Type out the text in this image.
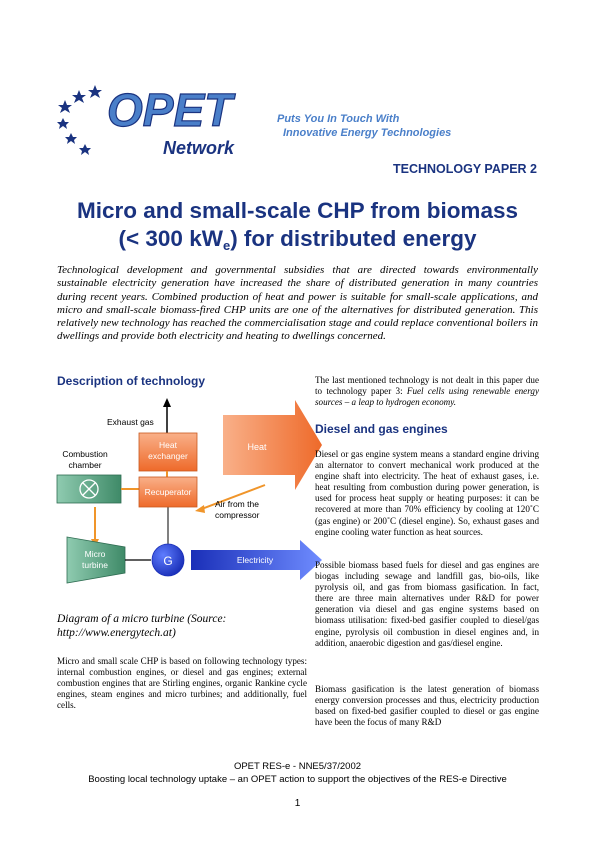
OPET
Network
Puts You In Touch With
Innovative Energy Technologies
TECHNOLOGY PAPER 2
Micro and small-scale CHP from biomass
(< 300 $kW_e$) for distributed energy
Technological development and governmental subsidies that are directed towards environmentally sustainable electricity generation have increased the share of distributed generation in many countries during recent years. Combined production of heat and power is suitable for small-scale applications, and micro and small-scale biomass-fired CHP units are one of the alternatives for distributed generation. This relatively new technology has reached the commercialisation stage and could replace conventional boilers in dwellings and provide both electricity and heating to dwellings concerned.
Description of technology
Exhaust gas
Heat
exchanger
Heat
Combustion
chamber
Recuperator
Air from the
compressor
Micro
turbine	G	Electricity
Diagram of a micro turbine (Source: http://www.energytech.at)
Micro and small scale CHP is based on following technology types: internal combustion engines, or diesel and gas engines; external combustion engines that are Stirling engines, organic Rankine cycle engines, steam engines and micro turbines; and additionally, fuel cells.
The last mentioned technology is not dealt in this paper due to technology paper 3: Fuel cells using renewable energy sources – a leap to hydrogen economy.
Diesel and gas engines
Diesel or gas engine system means a standard engine driving an alternator to convert mechanical work produced at the engine shaft into electricity. The heat of exhaust gases, i.e. heat resulting from combustion during power generation, is used for process heat supply or heating purposes: it can be recovered at more than 70% efficiency by cooling at 120˚C (gas engine) or 200˚C (diesel engine). So, exhaust gases and engine cooling water function as heat sources.
Possible biomass based fuels for diesel and gas engines are biogas including sewage and landfill gas, bio-oils, like pyrolysis oil, and gas from biomass gasification. In fact, there are three main alternatives under R&D for power generation via diesel and gas engine systems based on biomass utilisation: fixed-bed gasifier coupled to diesel/gas engine, pyrolysis oil combustion in diesel engines and, in addition, anaerobic digestion and gas/diesel engine.
Biomass gasification is the latest generation of biomass energy conversion processes and thus, electricity production based on fixed-bed gasifier coupled to diesel or gas engine have been the focus of many R&D
OPET RES-e - NNE5/37/2002
Boosting local technology uptake – an OPET action to support the objectives of the RES-e Directive
1
